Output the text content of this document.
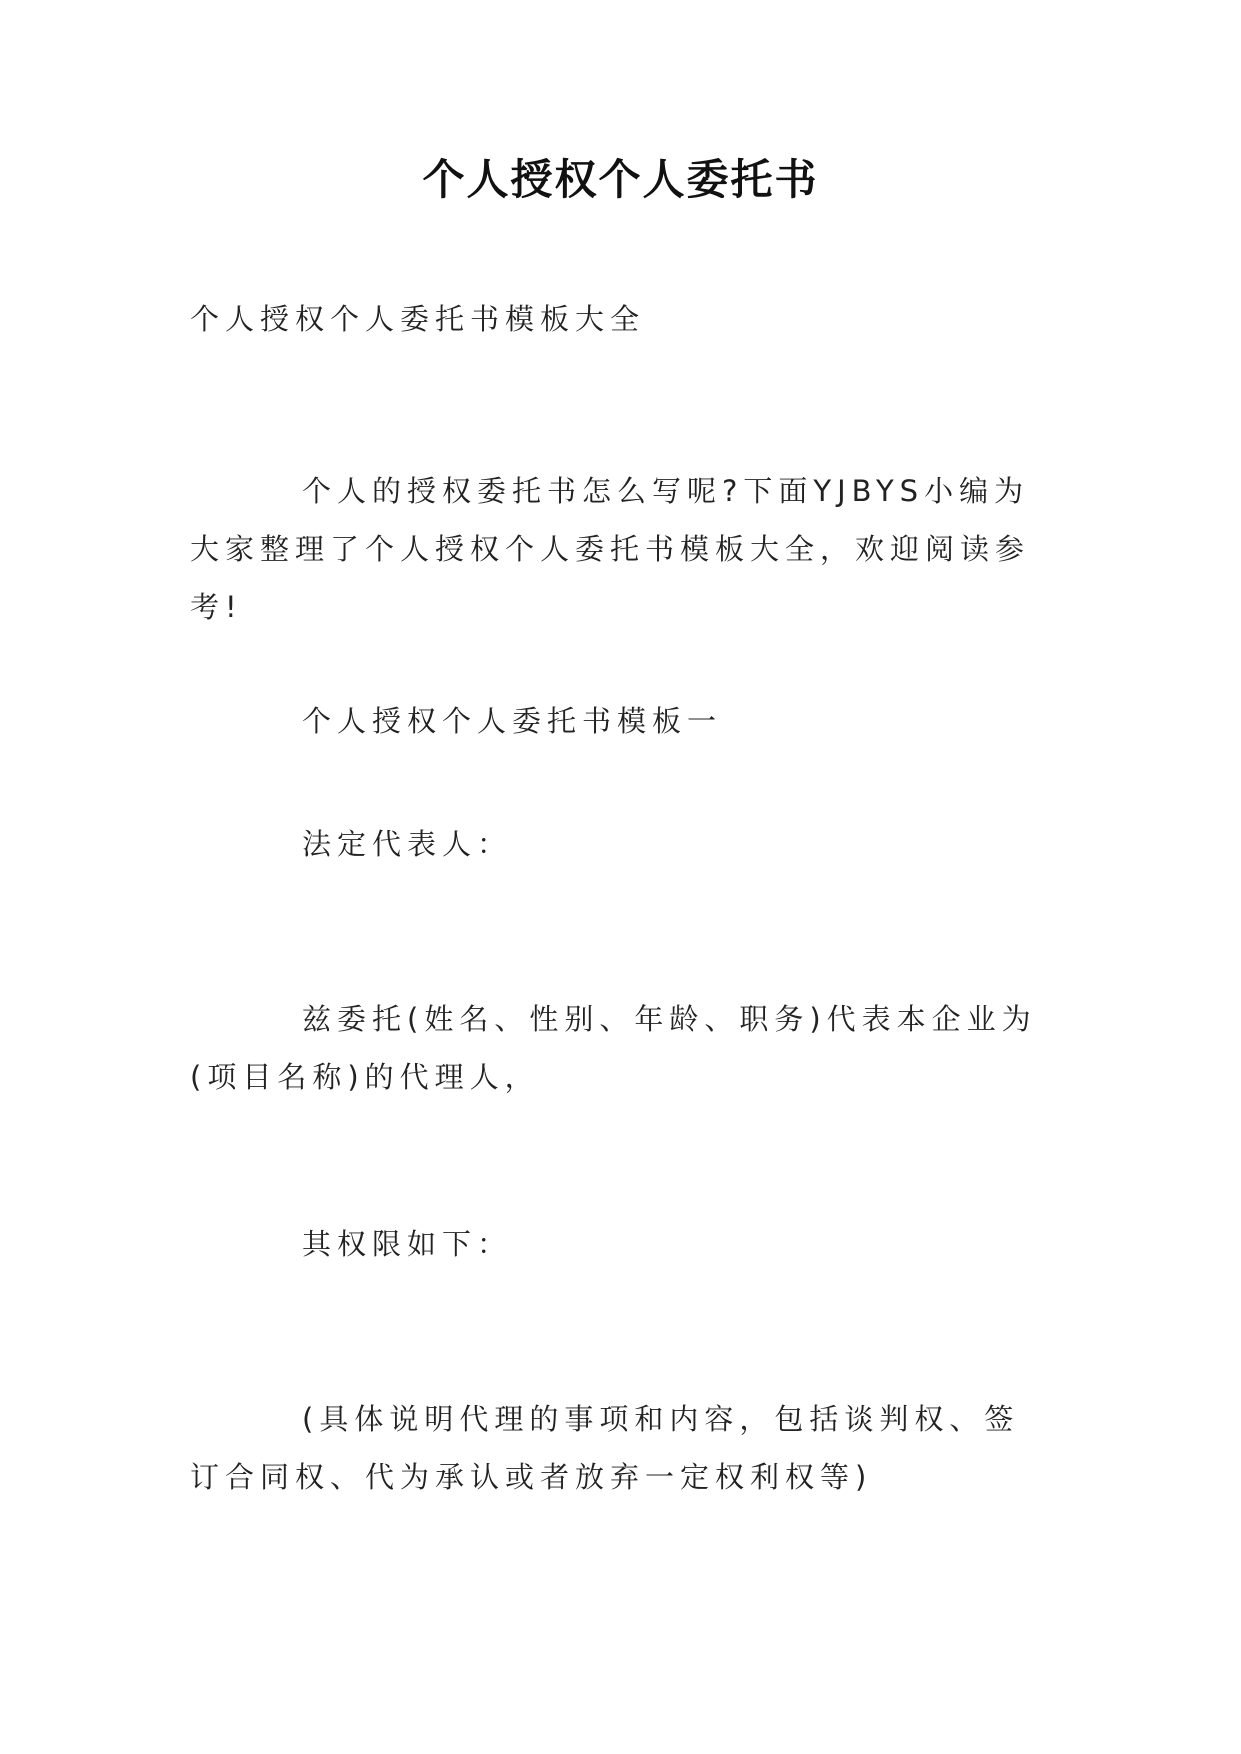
个人授权个人委托书

个人授权个人委托书模板大全

个人的授权委托书怎么写呢?下面YJBYS小编为大家整理了个人授权个人委托书模板大全，欢迎阅读参考!

个人授权个人委托书模板一

法定代表人：

兹委托(姓名、性别、年龄、职务)代表本企业为(项目名称)的代理人，

其权限如下：

(具体说明代理的事项和内容，包括谈判权、签订合同权、代为承认或者放弃一定权利权等)
